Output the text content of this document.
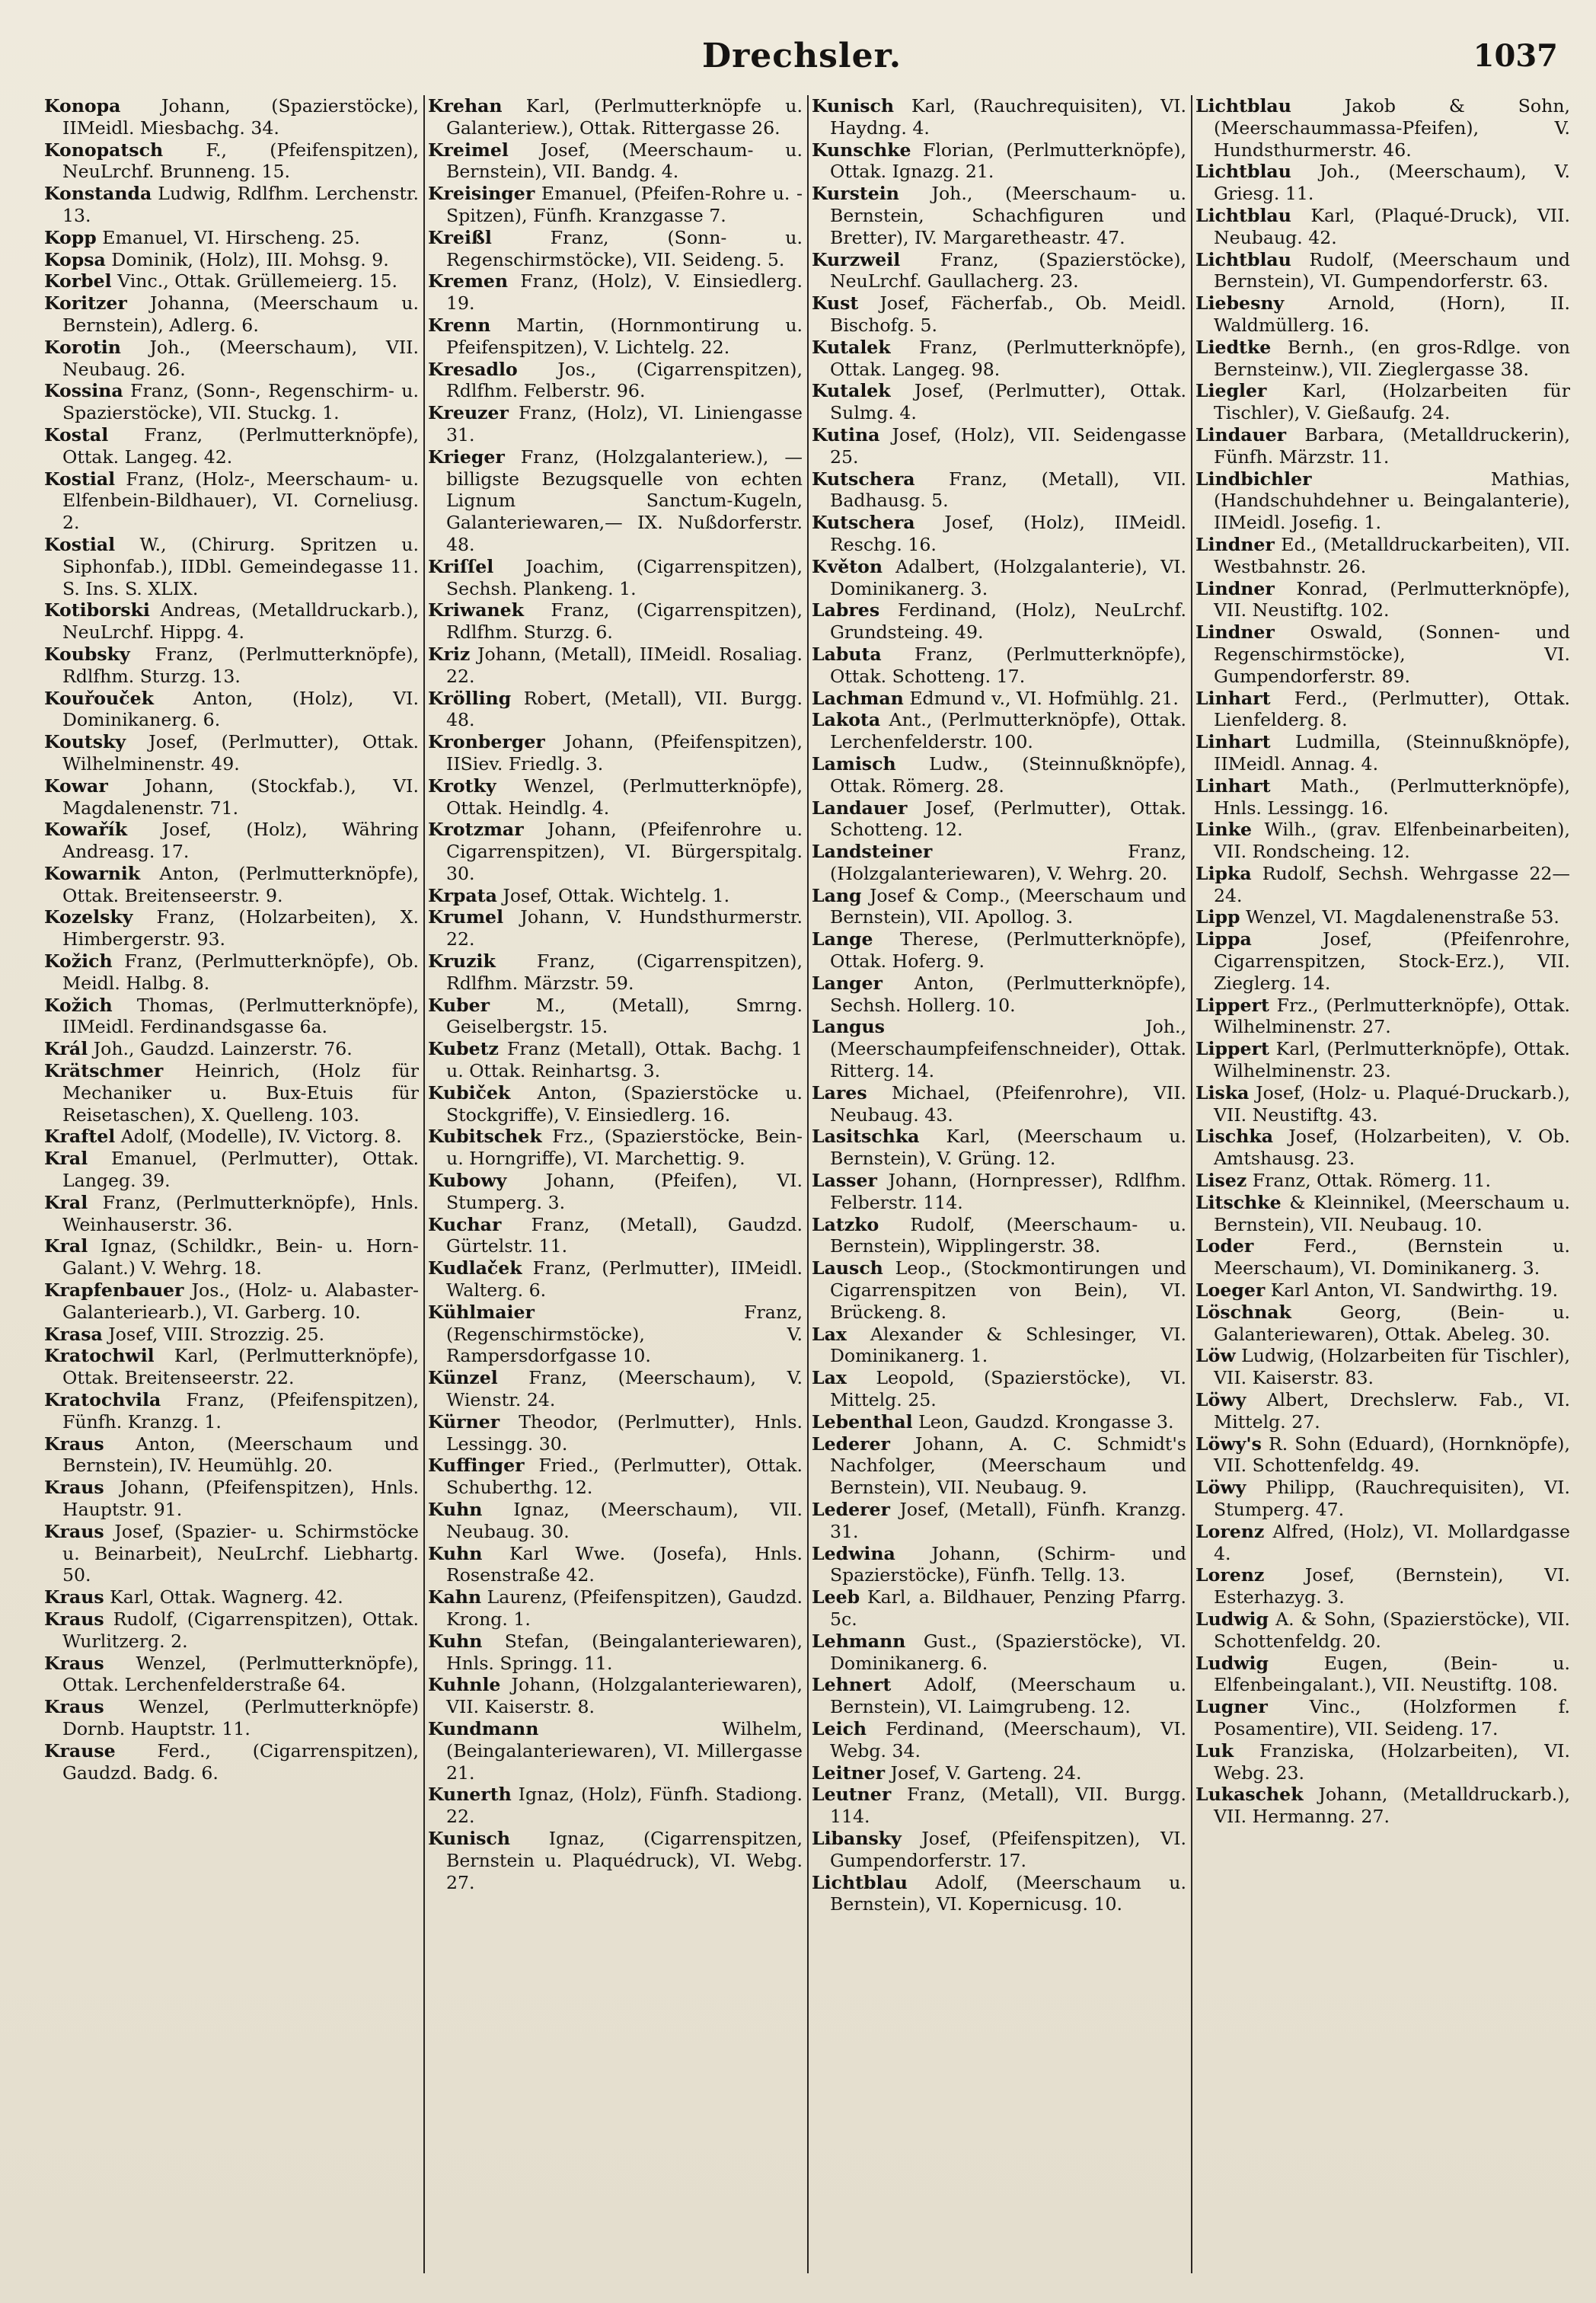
Drechsler.	1037

Konopa Johann, (Spazierstöcke), IIMeidl. Miesbachg. 34.

Konopatsch F., (Pfeifenspitzen), NeuLrchf. Brunneng. 15.

Konstanda Ludwig, Rdlfhm. Lerchenstr. 13.

Kopp Emanuel, VI. Hirscheng. 25.

Kopsa Dominik, (Holz), III. Mohsg. 9.

Korbel Vinc., Ottak. Grüllemeierg. 15.

Koritzer Johanna, (Meerschaum u. Bernstein), Adlerg. 6.

Korotin Joh., (Meerschaum), VII. Neubaug. 26.

Kossina Franz, (Sonn-, Regenschirm- u. Spazierstöcke), VII. Stuckg. 1.

Kostal Franz, (Perlmutterknöpfe), Ottak. Langeg. 42.

Kostial Franz, (Holz-, Meerschaum- u. Elfenbein-Bildhauer), VI. Corneliusg. 2.

Kostial W., (Chirurg. Spritzen u. Siphonfab.), IIDbl. Gemeindegasse 11. S. Ins. S. XLIX.

Kotiborski Andreas, (Metalldruckarb.), NeuLrchf. Hippg. 4.

Koubsky Franz, (Perlmutterknöpfe), Rdlfhm. Sturzg. 13.

Kouřouček Anton, (Holz), VI. Dominikanerg. 6.

Koutsky Josef, (Perlmutter), Ottak. Wilhelminenstr. 49.

Kowar Johann, (Stockfab.), VI. Magdalenenstr. 71.

Kowařík Josef, (Holz), Währing Andreasg. 17.

Kowarnik Anton, (Perlmutterknöpfe), Ottak. Breitenseerstr. 9.

Kozelsky Franz, (Holzarbeiten), X. Himbergerstr. 93.

Kožich Franz, (Perlmutterknöpfe), Ob. Meidl. Halbg. 8.

Kožich Thomas, (Perlmutterknöpfe), IIMeidl. Ferdinandsgasse 6a.

Král Joh., Gaudzd. Lainzerstr. 76.

Krätschmer Heinrich, (Holz für Mechaniker u. Bux-Etuis für Reisetaschen), X. Quelleng. 103.

Kraftel Adolf, (Modelle), IV. Victorg. 8.

Kral Emanuel, (Perlmutter), Ottak. Langeg. 39.

Kral Franz, (Perlmutterknöpfe), Hnls. Weinhauserstr. 36.

Kral Ignaz, (Schildkr., Bein- u. Horn-Galant.) V. Wehrg. 18.

Krapfenbauer Jos., (Holz- u. Alabaster-Galanteriearb.), VI. Garberg. 10.

Krasa Josef, VIII. Strozzig. 25.

Kratochwil Karl, (Perlmutterknöpfe), Ottak. Breitenseerstr. 22.

Kratochvila Franz, (Pfeifenspitzen), Fünfh. Kranzg. 1.

Kraus Anton, (Meerschaum und Bernstein), IV. Heumühlg. 20.

Kraus Johann, (Pfeifenspitzen), Hnls. Hauptstr. 91.

Kraus Josef, (Spazier- u. Schirmstöcke u. Beinarbeit), NeuLrchf. Liebhartg. 50.

Kraus Karl, Ottak. Wagnerg. 42.

Kraus Rudolf, (Cigarrenspitzen), Ottak. Wurlitzerg. 2.

Kraus Wenzel, (Perlmutterknöpfe), Ottak. Lerchenfelderstraße 64.

Kraus Wenzel, (Perlmutterknöpfe) Dornb. Hauptstr. 11.

Krause Ferd., (Cigarrenspitzen), Gaudzd. Badg. 6.

Krehan Karl, (Perlmutterknöpfe u. Galanteriew.), Ottak. Rittergasse 26.

Kreimel Josef, (Meerschaum- u. Bernstein), VII. Bandg. 4.

Kreisinger Emanuel, (Pfeifen-Rohre u. -Spitzen), Fünfh. Kranzgasse 7.

Kreißl	Franz, (Sonn- u. Regenschirmstöcke), VII. Seideng. 5.

Kremen Franz, (Holz), V. Einsiedlerg. 19.

Krenn Martin, (Hornmontirung u. Pfeifenspitzen), V. Lichtelg. 22.

Kresadlo Jos., (Cigarrenspitzen), Rdlfhm. Felberstr. 96.

Kreuzer Franz, (Holz), VI. Liniengasse 31.

Krieger Franz, (Holzgalanteriew.), —billigste Bezugsquelle von echten Lignum Sanctum-Kugeln, Galanteriewaren,— IX. Nußdorferstr. 48.

Kriſſel Joachim, (Cigarrenspitzen), Sechsh. Plankeng. 1.

Kriwanek Franz, (Cigarrenspitzen), Rdlfhm. Sturzg. 6.

Kriz Johann, (Metall), IIMeidl. Rosaliag. 22.

Krölling Robert, (Metall), VII. Burgg. 48.

Kronberger Johann, (Pfeifenspitzen), IISiev. Friedlg. 3.

Krotky Wenzel, (Perlmutterknöpfe), Ottak. Heindlg. 4.

Krotzmar Johann, (Pfeifenrohre u. Cigarrenspitzen), VI. Bürgerspitalg. 30.

Krpata Josef, Ottak. Wichtelg. 1.

Krumel Johann, V. Hundsthurmerstr. 22.

Kruzik Franz, (Cigarrenspitzen), Rdlfhm. Märzstr. 59.

Kuber	M., (Metall), Smrng. Geiselbergstr. 15.

Kubetz Franz (Metall), Ottak. Bachg. 1 u. Ottak. Reinhartsg. 3.

Kubiček Anton, (Spazierstöcke u. Stockgriffe), V. Einsiedlerg. 16.

Kubitschek Frz., (Spazierstöcke, Bein- u. Horngriffe), VI. Marchettig. 9.

Kubowy Johann, (Pfeifen), VI. Stumperg. 3.

Kuchar Franz, (Metall), Gaudzd. Gürtelstr. 11.

Kudlaček Franz, (Perlmutter), IIMeidl. Walterg. 6.

Kühlmaier	Franz, (Regenschirmstöcke), V. Rampersdorfgasse 10.

Künzel Franz, (Meerschaum), V. Wienstr. 24.

Kürner Theodor, (Perlmutter), Hnls. Lessingg. 30.

Kuffinger Fried., (Perlmutter), Ottak. Schuberthg. 12.

Kuhn Ignaz, (Meerschaum), VII. Neubaug. 30.

Kuhn Karl Wwe. (Josefa), Hnls. Rosenstraße 42.

Kahn Laurenz, (Pfeifenspitzen), Gaudzd. Krong. 1.

Kuhn Stefan, (Beingalanteriewaren), Hnls. Springg. 11.

Kuhnle Johann, (Holzgalanteriewaren), VII. Kaiserstr. 8.

Kundmann	Wilhelm, (Beingalanteriewaren), VI. Millergasse 21.

Kunerth Ignaz, (Holz), Fünfh. Stadiong. 22.

Kunisch Ignaz, (Cigarrenspitzen, Bernstein u. Plaquédruck), VI. Webg. 27.

Kunisch Karl, (Rauchrequisiten), VI. Haydng. 4.

Kunschke Florian, (Perlmutterknöpfe), Ottak. Ignazg. 21.

Kurstein Joh., (Meerschaum- u. Bernstein, Schachfiguren und Bretter), IV. Margaretheastr. 47.

Kurzweil Franz, (Spazierstöcke), NeuLrchf. Gaullacherg. 23.

Kust Josef, Fächerfab., Ob. Meidl. Bischofg. 5.

Kutalek Franz, (Perlmutterknöpfe), Ottak. Langeg. 98.

Kutalek Josef, (Perlmutter), Ottak. Sulmg. 4.

Kutina Josef, (Holz), VII. Seidengasse 25.

Kutschera Franz, (Metall), VII. Badhausg. 5.

Kutschera Josef, (Holz), IIMeidl. Reschg. 16.

Květon Adalbert, (Holzgalanterie), VI. Dominikanerg. 3.

Labres Ferdinand, (Holz), NeuLrchf. Grundsteing. 49.

Labuta Franz, (Perlmutterknöpfe), Ottak. Schotteng. 17.

Lachman Edmund v., VI. Hofmühlg. 21.

Lakota Ant., (Perlmutterknöpfe), Ottak. Lerchenfelderstr. 100.

Lamisch Ludw., (Steinnußknöpfe), Ottak. Römerg. 28.

Landauer Josef, (Perlmutter), Ottak. Schotteng. 12.

Landsteiner	Franz, (Holzgalanteriewaren), V. Wehrg. 20.

Lang Josef & Comp., (Meerschaum und Bernstein), VII. Apollog. 3.

Lange Therese, (Perlmutterknöpfe), Ottak. Hoferg. 9.

Langer Anton, (Perlmutterknöpfe), Sechsh. Hollerg. 10.

Langus	Joh., (Meerschaumpfeifenschneider), Ottak. Ritterg. 14.

Lares Michael, (Pfeifenrohre), VII. Neubaug. 43.

Lasitschka Karl, (Meerschaum u. Bernstein), V. Grüng. 12.

Lasser Johann, (Hornpresser), Rdlfhm. Felberstr. 114.

Latzko Rudolf, (Meerschaum- u. Bernstein), Wipplingerstr. 38.

Lausch Leop., (Stockmontirungen und Cigarrenspitzen von Bein), VI. Brückeng. 8.

Lax Alexander & Schlesinger, VI. Dominikanerg. 1.

Lax Leopold, (Spazierstöcke), VI. Mittelg. 25.

Lebenthal Leon, Gaudzd. Krongasse 3.

Lederer Johann, A. C. Schmidt's Nachfolger, (Meerschaum und Bernstein), VII. Neubaug. 9.

Lederer Josef, (Metall), Fünfh. Kranzg. 31.

Ledwina Johann, (Schirm- und Spazierstöcke), Fünfh. Tellg. 13.

Leeb Karl, a. Bildhauer, Penzing Pfarrg. 5c.

Lehmann Gust., (Spazierstöcke), VI. Dominikanerg. 6.

Lehnert Adolf, (Meerschaum u. Bernstein), VI. Laimgrubeng. 12.

Leich Ferdinand, (Meerschaum), VI. Webg. 34.

Leitner Josef, V. Garteng. 24.

Leutner Franz, (Metall), VII. Burgg. 114.

Libansky Josef, (Pfeifenspitzen), VI. Gumpendorferstr. 17.

Lichtblau Adolf, (Meerschaum u. Bernstein), VI. Kopernicusg. 10.

Lichtblau	Jakob & Sohn, (Meerschaummassa-Pfeifen), V. Hundsthurmerstr. 46.

Lichtblau Joh., (Meerschaum), V. Griesg. 11.

Lichtblau Karl, (Plaqué-Druck), VII. Neubaug. 42.

Lichtblau Rudolf, (Meerschaum und Bernstein), VI. Gumpendorferstr. 63.

Liebesny Arnold, (Horn), II. Waldmüllerg. 16.

Liedtke Bernh., (en gros-Rdlge. von Bernsteinw.), VII. Zieglergasse 38.

Liegler Karl, (Holzarbeiten für Tischler), V. Gießaufg. 24.

Lindauer Barbara, (Metalldruckerin), Fünfh. Märzstr. 11.

Lindbichler	Mathias, (Handschuhdehner u. Beingalanterie), IIMeidl. Josefig. 1.

Lindner Ed., (Metalldruckarbeiten), VII. Westbahnstr. 26.

Lindner Konrad, (Perlmutterknöpfe), VII. Neustiftg. 102.

Lindner Oswald, (Sonnen- und Regenschirmstöcke), VI. Gumpendorferstr. 89.

Linhart Ferd., (Perlmutter), Ottak. Lienfelderg. 8.

Linhart Ludmilla, (Steinnußknöpfe), IIMeidl. Annag. 4.

Linhart Math., (Perlmutterknöpfe), Hnls. Lessingg. 16.

Linke Wilh., (grav. Elfenbeinarbeiten), VII. Rondscheing. 12.

Lipka Rudolf, Sechsh. Wehrgasse 22—24.

Lipp Wenzel, VI. Magdalenenstraße 53.

Lippa	Josef, (Pfeifenrohre, Cigarrenspitzen, Stock-Erz.), VII. Zieglerg. 14.

Lippert Frz., (Perlmutterknöpfe), Ottak. Wilhelminenstr. 27.

Lippert Karl, (Perlmutterknöpfe), Ottak. Wilhelminenstr. 23.

Liska Josef, (Holz- u. Plaqué-Druckarb.), VII. Neustiftg. 43.

Lischka Josef, (Holzarbeiten), V. Ob. Amtshausg. 23.

Lisez Franz, Ottak. Römerg. 11.

Litschke & Kleinnikel, (Meerschaum u. Bernstein), VII. Neubaug. 10.

Loder	Ferd., (Bernstein u. Meerschaum), VI. Dominikanerg. 3.

Loeger Karl Anton, VI. Sandwirthg. 19.

Löschnak	Georg, (Bein- u. Galanteriewaren), Ottak. Abeleg. 30.

Löw Ludwig, (Holzarbeiten für Tischler), VII. Kaiserstr. 83.

Löwy Albert, Drechslerw. Fab., VI. Mittelg. 27.

Löwy's R. Sohn (Eduard), (Hornknöpfe), VII. Schottenfeldg. 49.

Löwy Philipp, (Rauchrequisiten), VI. Stumperg. 47.

Lorenz Alfred, (Holz), VI. Mollardgasse 4.

Lorenz Josef, (Bernstein), VI. Esterhazyg. 3.

Ludwig A. & Sohn, (Spazierstöcke), VII. Schottenfeldg. 20.

Ludwig	Eugen, (Bein- u. Elfenbeingalant.), VII. Neustiftg. 108.

Lugner Vinc., (Holzformen f. Posamentire), VII. Seideng. 17.

Luk Franziska, (Holzarbeiten), VI. Webg. 23.

Lukaschek Johann, (Metalldruckarb.), VII. Hermanng. 27.
